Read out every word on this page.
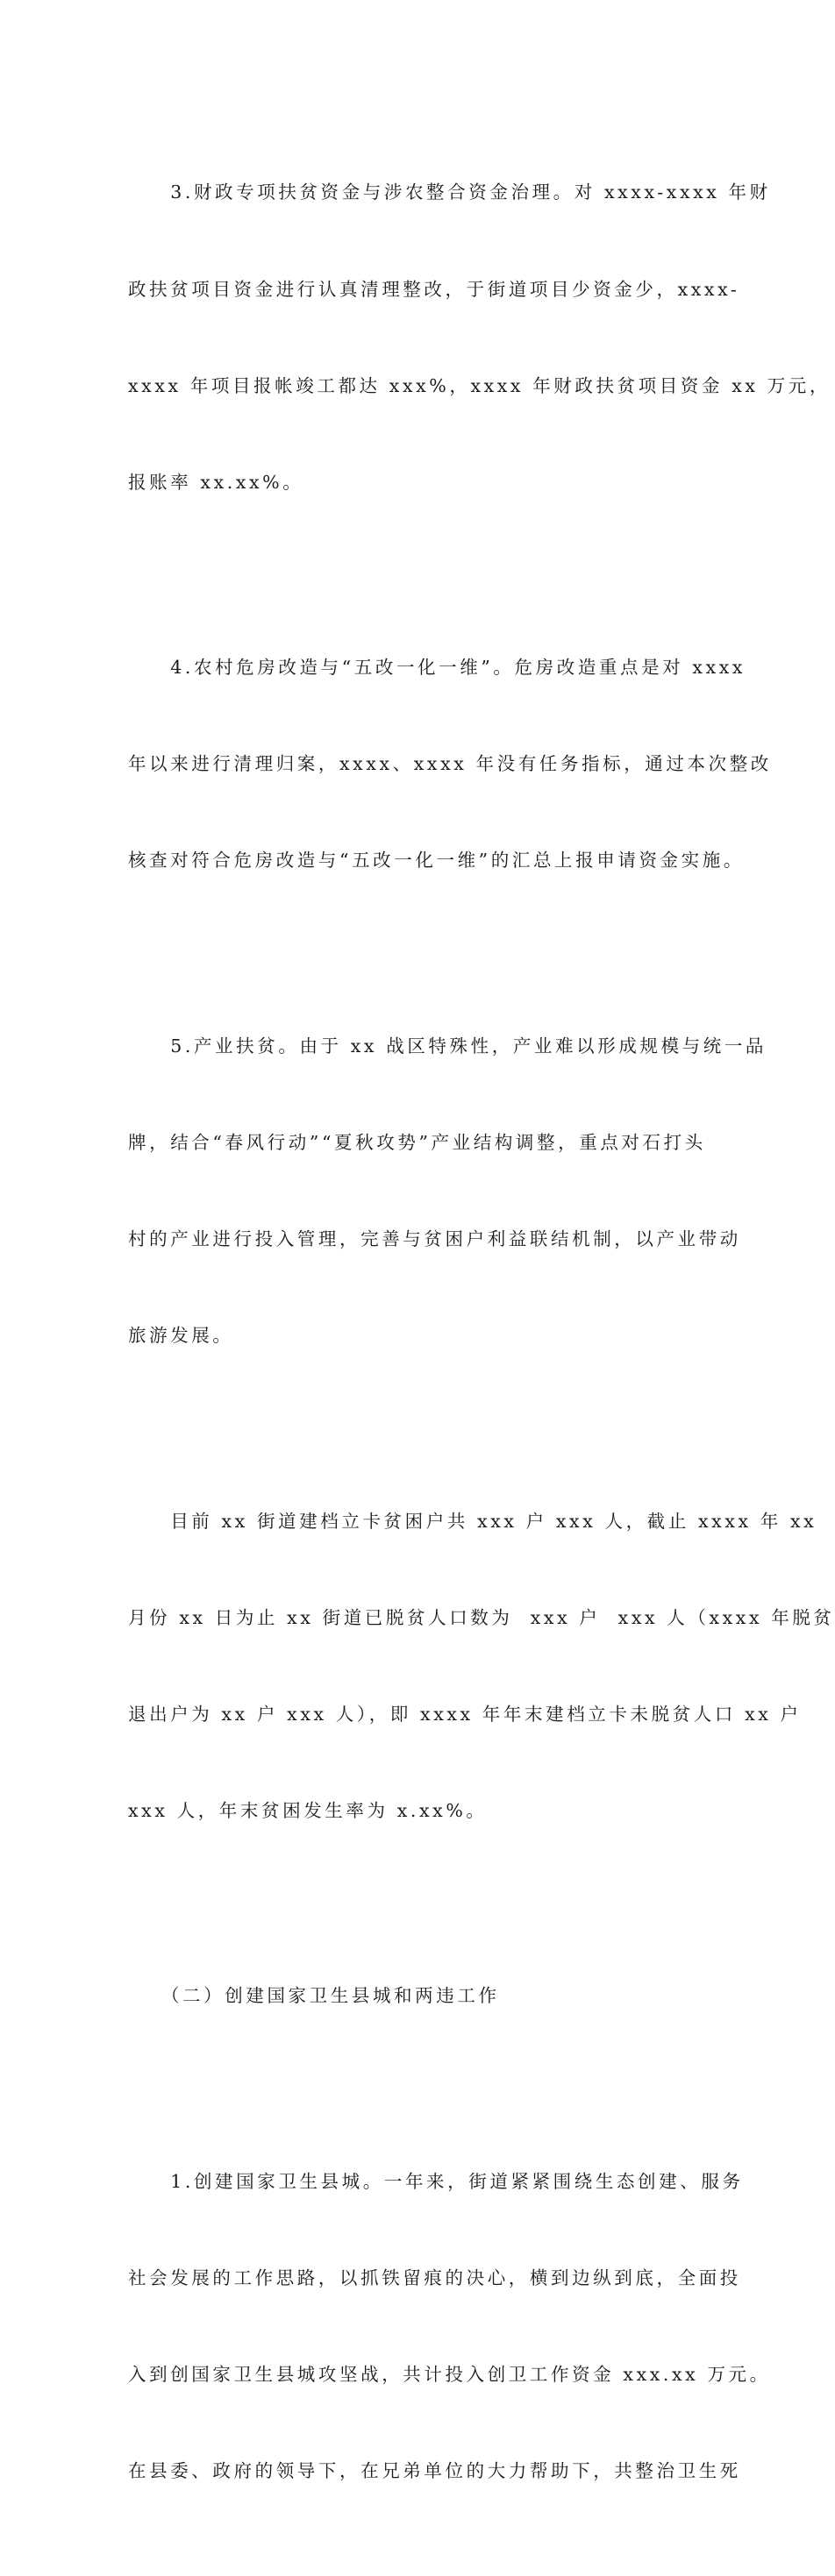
　　3.财政专项扶贫资金与涉农整合资金治理。对 xxxx-xxxx 年财

政扶贫项目资金进行认真清理整改，于街道项目少资金少，xxxx-

xxxx 年项目报帐竣工都达 xxx%，xxxx 年财政扶贫项目资金 xx 万元，

报账率 xx.xx%。

　　4.农村危房改造与“五改一化一维”。危房改造重点是对 xxxx

年以来进行清理归案，xxxx、xxxx 年没有任务指标，通过本次整改

核查对符合危房改造与“五改一化一维”的汇总上报申请资金实施。

　　5.产业扶贫。由于 xx 战区特殊性，产业难以形成规模与统一品

牌，结合“春风行动”“夏秋攻势”产业结构调整，重点对石打头

村的产业进行投入管理，完善与贫困户利益联结机制，以产业带动

旅游发展。

　　目前 xx 街道建档立卡贫困户共 xxx 户 xxx 人，截止 xxxx 年 xx

月份 xx 日为止 xx 街道已脱贫人口数为  xxx 户  xxx 人（xxxx 年脱贫

退出户为 xx 户 xxx 人），即 xxxx 年年末建档立卡未脱贫人口 xx 户

xxx 人，年末贫困发生率为 x.xx%。

　　（二）创建国家卫生县城和两违工作

　　1.创建国家卫生县城。一年来，街道紧紧围绕生态创建、服务

社会发展的工作思路，以抓铁留痕的决心，横到边纵到底，全面投

入到创国家卫生县城攻坚战，共计投入创卫工作资金 xxx.xx 万元。

在县委、政府的领导下，在兄弟单位的大力帮助下，共整治卫生死
